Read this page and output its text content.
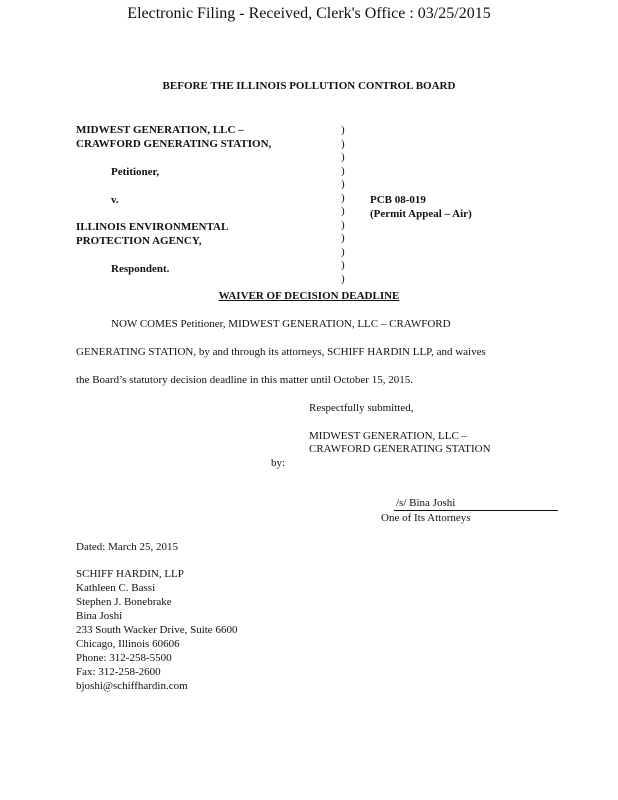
Electronic Filing - Received, Clerk's Office : 03/25/2015
BEFORE THE ILLINOIS POLLUTION CONTROL BOARD
MIDWEST GENERATION, LLC –
CRAWFORD GENERATING STATION,
Petitioner,
v.
ILLINOIS ENVIRONMENTAL
PROTECTION AGENCY,
Respondent.
)
)
)
)
)
)
)
)
)
)
)
)
PCB 08-019
(Permit Appeal – Air)
WAIVER OF DECISION DEADLINE
NOW COMES Petitioner, MIDWEST GENERATION, LLC – CRAWFORD
GENERATING STATION, by and through its attorneys, SCHIFF HARDIN LLP, and waives
the Board’s statutory decision deadline in this matter until October 15, 2015.
Respectfully submitted,
MIDWEST GENERATION, LLC –
CRAWFORD GENERATING STATION
by:
/s/ Bina Joshi
One of Its Attorneys
Dated: March 25, 2015
SCHIFF HARDIN, LLP
Kathleen C. Bassi
Stephen J. Bonebrake
Bina Joshi
233 South Wacker Drive, Suite 6600
Chicago, Illinois 60606
Phone: 312-258-5500
Fax: 312-258-2600
bjoshi@schiffhardin.com
